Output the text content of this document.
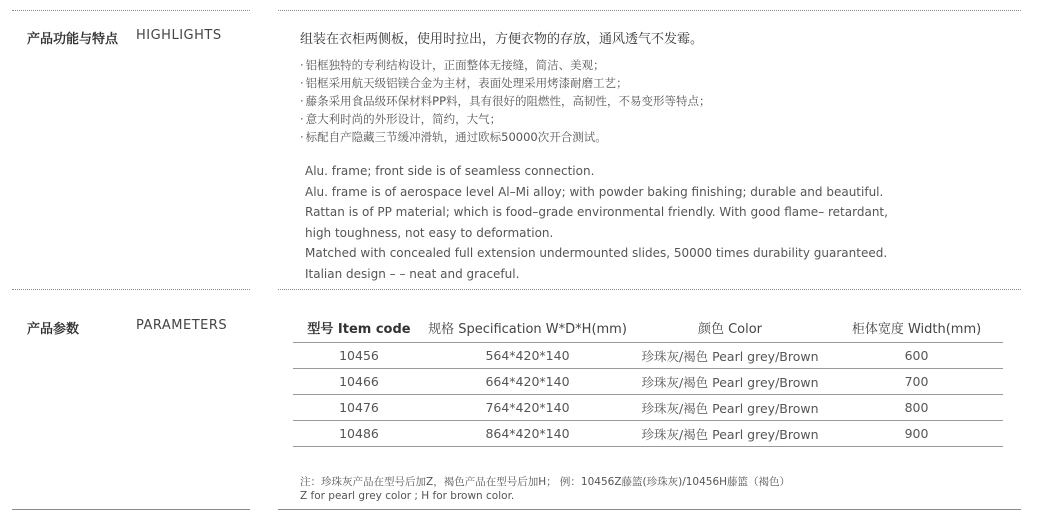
产品功能与特点 HIGHLIGHTS	组装在衣柜两侧板，使用时拉出，方便衣物的存放，通风透气不发霉。
· 铝框独特的专利结构设计，正面整体无接缝，简洁、美观；
· 铝框采用航天级铝镁合金为主材，表面处理采用烤漆耐磨工艺；
· 藤条采用食品级环保材料PP料，具有很好的阻燃性，高韧性，不易变形等特点；
· 意大利时尚的外形设计，简约，大气；
· 标配自产隐藏三节缓冲滑轨，通过欧标50000次开合测试。
Alu. frame; front side is of seamless connection.
Alu. frame is of aerospace level Al–Mi alloy; with powder baking finishing; durable and beautiful.
Rattan is of PP material; which is food–grade environmental friendly. With good flame– retardant,
high toughness, not easy to deformation.
Matched with concealed full extension undermounted slides, 50000 times durability guaranteed.
Italian design – – neat and graceful.
产品参数	PARAMETERS	型号 Item code	规格 Specification W*D*H(mm)	颜色 Color	柜体宽度 Width(mm)
10456	564*420*140	珍珠灰/褐色 Pearl grey/Brown	600
10466	664*420*140	珍珠灰/褐色 Pearl grey/Brown	700
10476	764*420*140	珍珠灰/褐色 Pearl grey/Brown	800
10486	864*420*140	珍珠灰/褐色 Pearl grey/Brown	900
注：珍珠灰产品在型号后加Z，褐色产品在型号后加H； 例：10456Z藤篮(珍珠灰)/10456H藤篮（褐色）
Z for pearl grey color ; H for brown color.
